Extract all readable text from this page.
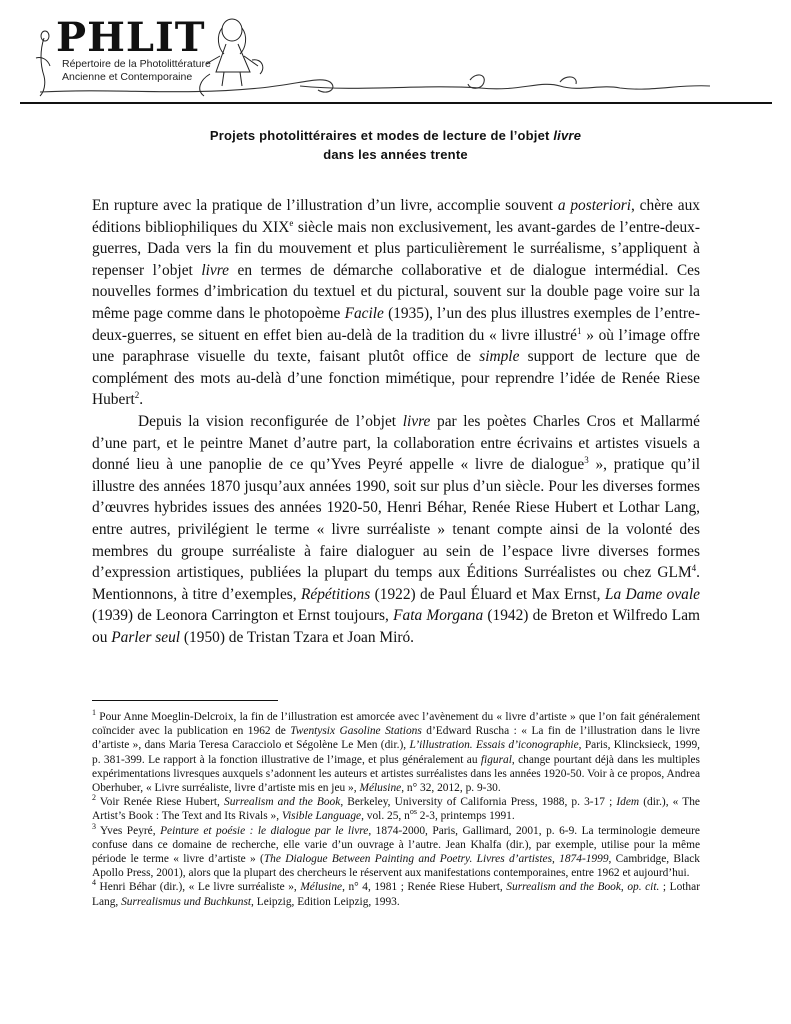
PHLIT
Répertoire de la Photolittérature
Ancienne et Contemporaine
Projets photolittéraires et modes de lecture de l’objet livre
dans les années trente

En rupture avec la pratique de l’illustration d’un livre, accomplie souvent a posteriori, chère aux éditions bibliophiliques du XIXe siècle mais non exclusivement, les avant-gardes de l’entre-deux-guerres, Dada vers la fin du mouvement et plus particulièrement le surréalisme, s’appliquent à repenser l’objet livre en termes de démarche collaborative et de dialogue intermédial. Ces nouvelles formes d’imbrication du textuel et du pictural, souvent sur la double page voire sur la même page comme dans le photopoème Facile (1935), l’un des plus illustres exemples de l’entre-deux-guerres, se situent en effet bien au-delà de la tradition du « livre illustré$^1$ » où l’image offre une paraphrase visuelle du texte, faisant plutôt office de simple support de lecture que de complément des mots au-delà d’une fonction mimétique, pour reprendre l’idée de Renée Riese Hubert$^2$.

Depuis la vision reconfigurée de l’objet livre par les poètes Charles Cros et Mallarmé d’une part, et le peintre Manet d’autre part, la collaboration entre écrivains et artistes visuels a donné lieu à une panoplie de ce qu’Yves Peyré appelle « livre de dialogue$^3$ », pratique qu’il illustre des années 1870 jusqu’aux années 1990, soit sur plus d’un siècle. Pour les diverses formes d’œuvres hybrides issues des années 1920-50, Henri Béhar, Renée Riese Hubert et Lothar Lang, entre autres, privilégient le terme « livre surréaliste » tenant compte ainsi de la volonté des membres du groupe surréaliste à faire dialoguer au sein de l’espace livre diverses formes d’expression artistiques, publiées la plupart du temps aux Éditions Surréalistes ou chez GLM$^4$. Mentionnons, à titre d’exemples, Répétitions (1922) de Paul Éluard et Max Ernst, La Dame ovale (1939) de Leonora Carrington et Ernst toujours, Fata Morgana (1942) de Breton et Wilfredo Lam ou Parler seul (1950) de Tristan Tzara et Joan Miró.

$^1$ Pour Anne Moeglin-Delcroix, la fin de l’illustration est amorcée avec l’avènement du « livre d’artiste » que l’on fait généralement coïncider avec la publication en 1962 de Twentysix Gasoline Stations d’Edward Ruscha : « La fin de l’illustration dans le livre d’artiste », dans Maria Teresa Caracciolo et Ségolène Le Men (dir.), L’illustration. Essais d’iconographie, Paris, Klincksieck, 1999, p. 381-399. Le rapport à la fonction illustrative de l’image, et plus généralement au figural, change pourtant déjà dans les multiples expérimentations livresques auxquels s’adonnent les auteurs et artistes surréalistes dans les années 1920-50. Voir à ce propos, Andrea Oberhuber, « Livre surréaliste, livre d’artiste mis en jeu », Mélusine, n° 32, 2012, p. 9-30.

$^2$ Voir Renée Riese Hubert, Surrealism and the Book, Berkeley, University of California Press, 1988, p. 3-17 ; Idem (dir.), « The Artist’s Book : The Text and Its Rivals », Visible Language, vol. 25, $n^{os}$ 2-3, printemps 1991.

$^3$ Yves Peyré, Peinture et poésie : le dialogue par le livre, 1874-2000, Paris, Gallimard, 2001, p. 6-9. La terminologie demeure confuse dans ce domaine de recherche, elle varie d’un ouvrage à l’autre. Jean Khalfa (dir.), par exemple, utilise pour la même période le terme « livre d’artiste » (The Dialogue Between Painting and Poetry. Livres d’artistes, 1874-1999, Cambridge, Black Apollo Press, 2001), alors que la plupart des chercheurs le réservent aux manifestations contemporaines, entre 1962 et aujourd’hui.

$^4$ Henri Béhar (dir.), « Le livre surréaliste », Mélusine, n° 4, 1981 ; Renée Riese Hubert, Surrealism and the Book, op. cit. ; Lothar Lang, Surrealismus und Buchkunst, Leipzig, Edition Leipzig, 1993.
